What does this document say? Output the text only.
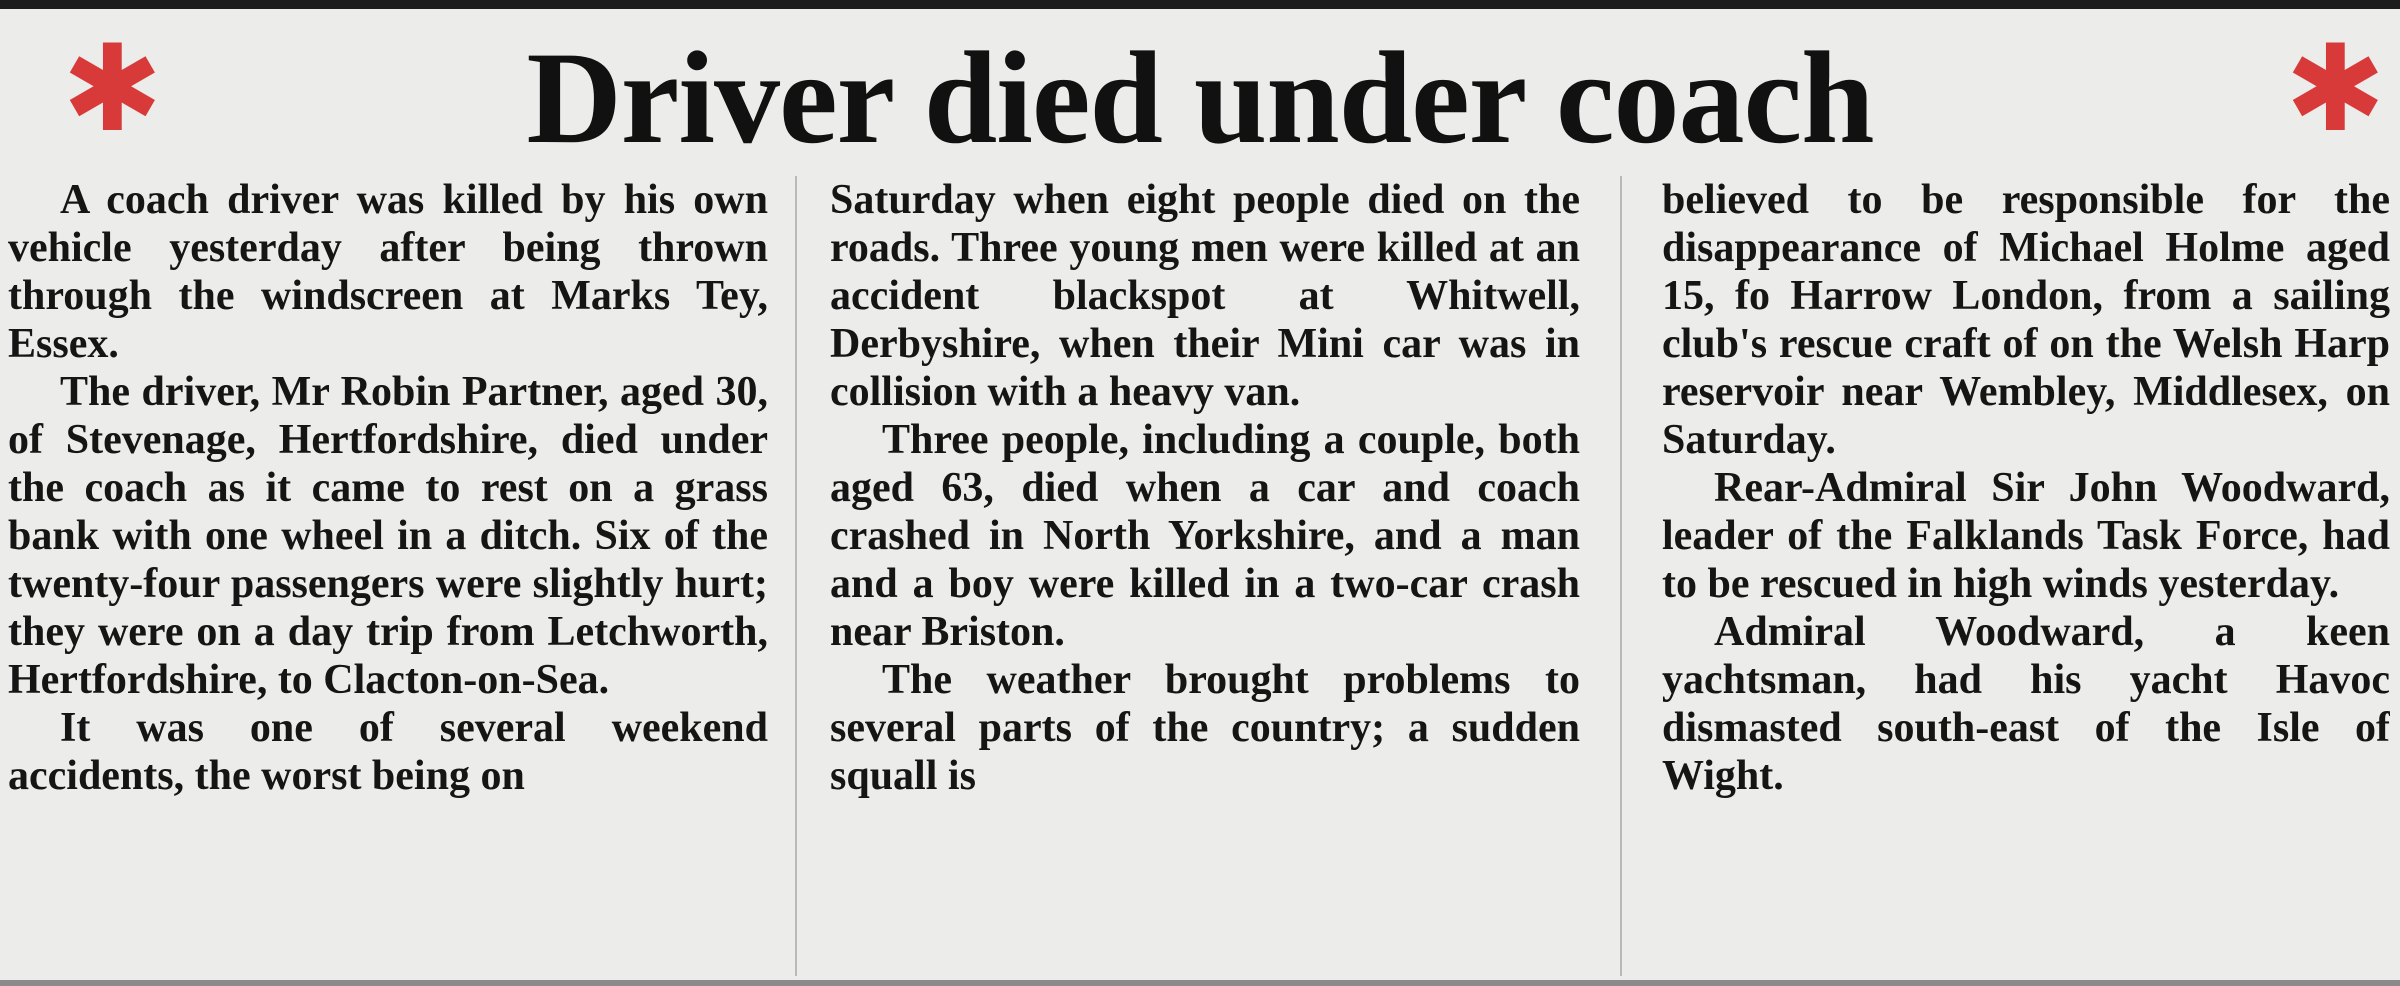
✱	Driver died under coach	✱

A coach driver was killed by his own vehicle yesterday after being thrown through the windscreen at Marks Tey, Essex.

The driver, Mr Robin Partner, aged 30, of Stevenage, Hertfordshire, died under the coach as it came to rest on a grass bank with one wheel in a ditch. Six of the twenty-four passengers were slightly hurt; they were on a day trip from Letchworth, Hertfordshire, to Clacton-on-Sea.

It was one of several weekend accidents, the worst being on

Saturday when eight people died on the roads. Three young men were killed at an accident blackspot at Whitwell, Derbyshire, when their Mini car was in collision with a heavy van.

Three people, including a couple, both aged 63, died when a car and coach crashed in North Yorkshire, and a man and a boy were killed in a two-car crash near Briston.

The weather brought problems to several parts of the country; a sudden squall is

believed to be responsible for the disappearance of Michael Holme aged 15, fo Harrow London, from a sailing club's rescue craft of on the Welsh Harp reservoir near Wembley, Middlesex, on Saturday.

Rear-Admiral Sir John Woodward, leader of the Falklands Task Force, had to be rescued in high winds yesterday.

Admiral Woodward, a keen yachtsman, had his yacht Havoc dismasted south-east of the Isle of Wight.
